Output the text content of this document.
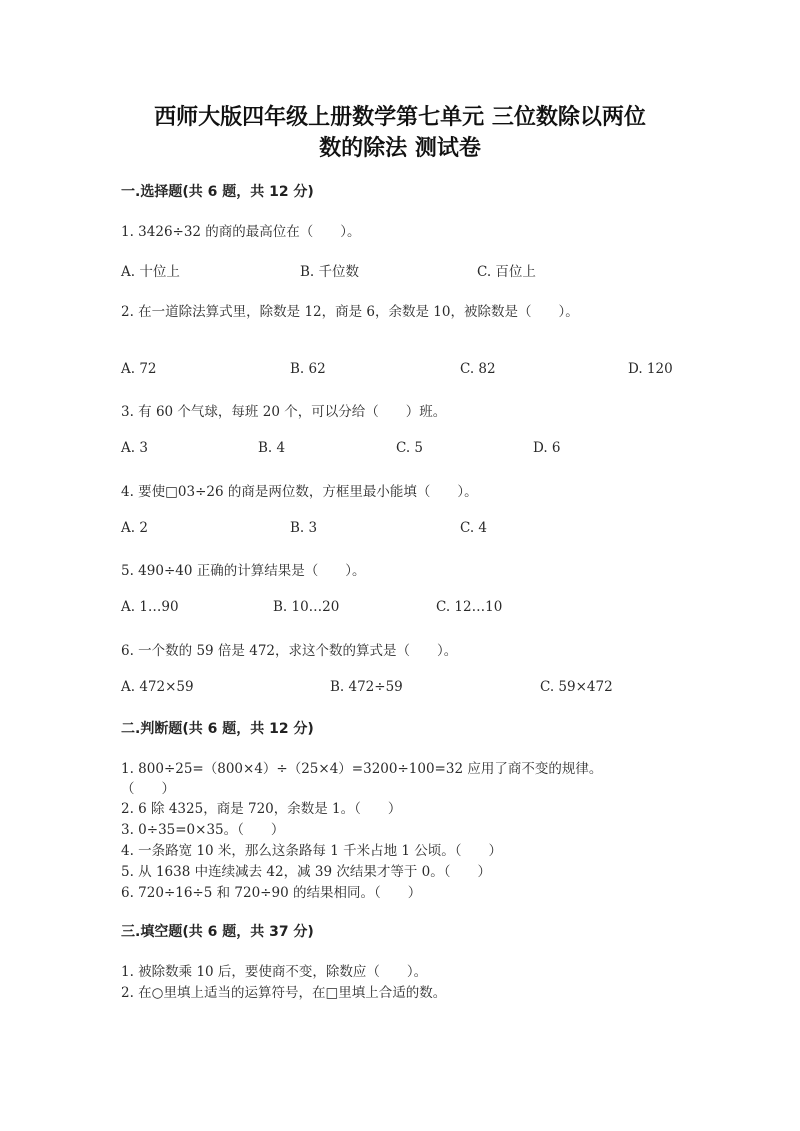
西师大版四年级上册数学第七单元 三位数除以两位
数的除法 测试卷
一.选择题(共 6 题，共 12 分)
1. 3426÷32 的商的最高位在（　　）。
A. 十位上	B. 千位数	C. 百位上
2. 在一道除法算式里，除数是 12，商是 6，余数是 10，被除数是（　　）。
A. 72	B. 62	C. 82	D. 120
3. 有 60 个气球，每班 20 个，可以分给（　　）班。
A. 3	B. 4	C. 5	D. 6
4. 要使□03÷26 的商是两位数，方框里最小能填（　　）。
A. 2	B. 3	C. 4
5. 490÷40 正确的计算结果是（　　）。
A. 1…90	B. 10…20	C. 12…10
6. 一个数的 59 倍是 472，求这个数的算式是（　　）。
A. 472×59	B. 472÷59	C. 59×472
二.判断题(共 6 题，共 12 分)
1. 800÷25=（800×4）÷（25×4）=3200÷100=32 应用了商不变的规律。
（　　）
2. 6 除 4325，商是 720，余数是 1。（　　）
3. 0÷35=0×35。（　　）
4. 一条路宽 10 米，那么这条路每 1 千米占地 1 公顷。（　　）
5. 从 1638 中连续减去 42，减 39 次结果才等于 0。（　　）
6. 720÷16÷5 和 720÷90 的结果相同。（　　）
三.填空题(共 6 题，共 37 分)
1. 被除数乘 10 后，要使商不变，除数应（　　）。
2. 在○里填上适当的运算符号，在□里填上合适的数。
